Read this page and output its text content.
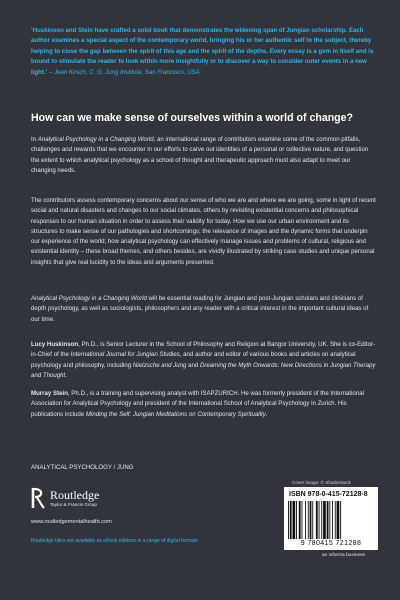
‘Huskinson and Stein have crafted a solid book that demonstrates the widening span of Jungian scholarship. Each author examines a special aspect of the contemporary world, bringing his or her authentic self to the subject, thereby helping to close the gap between the spirit of this age and the spirit of the depths. Every essay is a gem in itself and is bound to stimulate the reader to look within more insightfully or to discover a way to consider outer events in a new light.’ – Jean Kirsch, C. G. Jung Institute, San Francisco, USA
How can we make sense of ourselves within a world of change?
In Analytical Psychology in a Changing World, an international range of contributors examine some of the common pitfalls, challenges and rewards that we encounter in our efforts to carve out identities of a personal or collective nature, and question the extent to which analytical psychology as a school of thought and therapeutic approach must also adapt to meet our changing needs.
The contributors assess contemporary concerns about our sense of who we are and where we are going, some in light of recent social and natural disasters and changes to our social climates, others by revisiting existential concerns and philosophical responses to our human situation in order to assess their validity for today. How we use our urban environment and its structures to make sense of our pathologies and shortcomings; the relevance of images and the dynamic forms that underpin our experience of the world; how analytical psychology can effectively manage issues and problems of cultural, religious and existential identity – these broad themes, and others besides, are vividly illustrated by striking case studies and unique personal insights that give real lucidity to the ideas and arguments presented.
Analytical Psychology in a Changing World will be essential reading for Jungian and post-Jungian scholars and clinicians of depth psychology, as well as sociologists, philosophers and any reader with a critical interest in the important cultural ideas of our time.
Lucy Huskinson, Ph.D., is Senior Lecturer in the School of Philosophy and Religion at Bangor University, UK. She is co-Editor-in-Chief of the International Journal for Jungian Studies, and author and editor of various books and articles on analytical psychology and philosophy, including Nietzsche and Jung and Dreaming the Myth Onwards: New Directions in Jungian Therapy and Thought.
Murray Stein, Ph.D., is a training and supervising analyst with ISAPZURICH. He was formerly president of the International Association for Analytical Psychology and president of the International School of Analytical Psychology in Zurich. His publications include Minding the Self: Jungian Meditations on Contemporary Spirituality.
ANALYTICAL PSYCHOLOGY / JUNG
Routledge
Taylor & Francis Group
www.routledgementalhealth.com
Routledge titles are available as eBook editions in a range of digital formats
Cover image: © Shutterstock
ISBN 978-0-415-72128-8
9 780415 721288
an informa business
